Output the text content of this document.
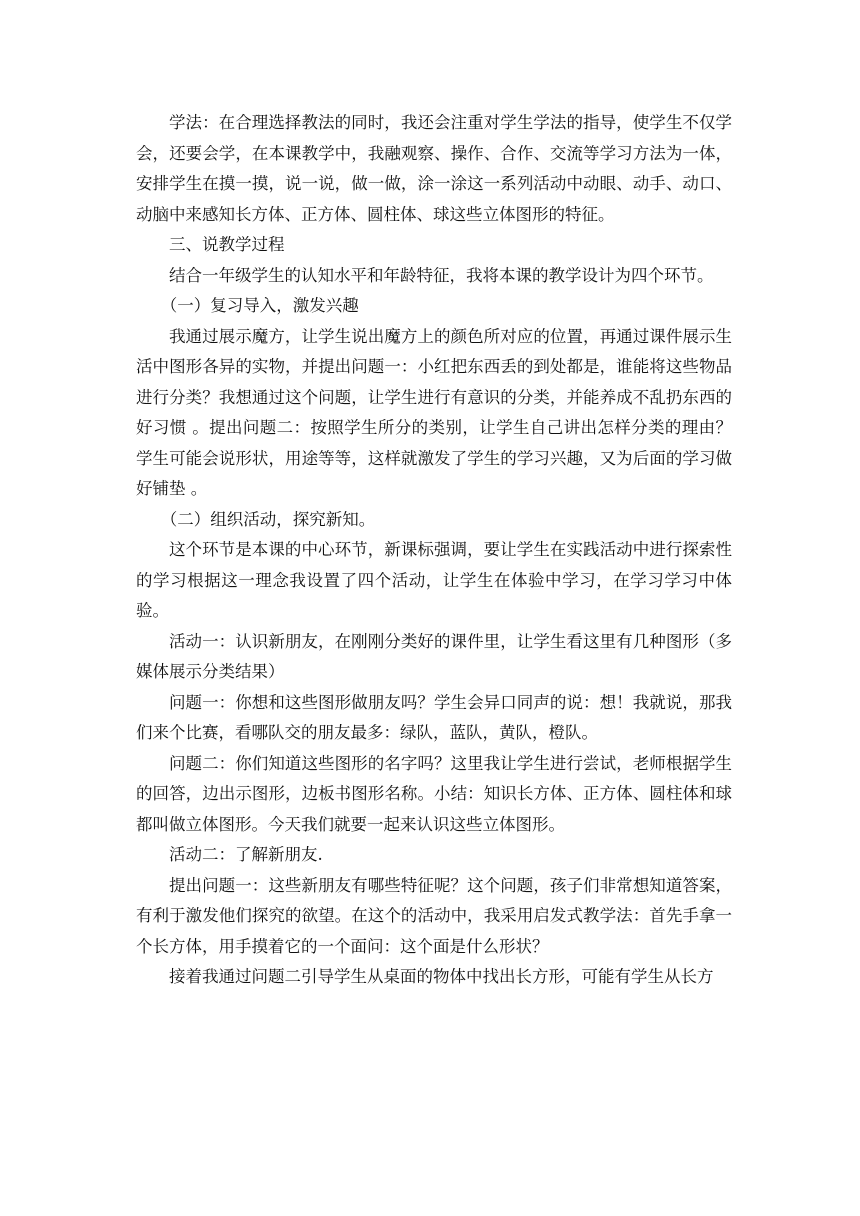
学法：在合理选择教法的同时，我还会注重对学生学法的指导，使学生不仅学会，还要会学，在本课教学中，我融观察、操作、合作、交流等学习方法为一体，安排学生在摸一摸，说一说，做一做，涂一涂这一系列活动中动眼、动手、动口、动脑中来感知长方体、正方体、圆柱体、球这些立体图形的特征。

三、说教学过程

结合一年级学生的认知水平和年龄特征，我将本课的教学设计为四个环节。

（一）复习导入，激发兴趣

我通过展示魔方，让学生说出魔方上的颜色所对应的位置，再通过课件展示生活中图形各异的实物，并提出问题一：小红把东西丢的到处都是，谁能将这些物品进行分类？我想通过这个问题，让学生进行有意识的分类，并能养成不乱扔东西的好习惯 。提出问题二：按照学生所分的类别，让学生自己讲出怎样分类的理由？学生可能会说形状，用途等等，这样就激发了学生的学习兴趣，又为后面的学习做好铺垫 。

（二）组织活动，探究新知。

这个环节是本课的中心环节，新课标强调，要让学生在实践活动中进行探索性的学习根据这一理念我设置了四个活动，让学生在体验中学习，在学习学习中体验。

活动一：认识新朋友，在刚刚分类好的课件里，让学生看这里有几种图形（多媒体展示分类结果）

问题一：你想和这些图形做朋友吗？学生会异口同声的说：想！我就说，那我们来个比赛，看哪队交的朋友最多：绿队，蓝队，黄队，橙队。

问题二：你们知道这些图形的名字吗？这里我让学生进行尝试，老师根据学生的回答，边出示图形，边板书图形名称。小结：知识长方体、正方体、圆柱体和球都叫做立体图形。今天我们就要一起来认识这些立体图形。

活动二：了解新朋友.

提出问题一：这些新朋友有哪些特征呢？这个问题，孩子们非常想知道答案，有利于激发他们探究的欲望。在这个的活动中，我采用启发式教学法：首先手拿一个长方体，用手摸着它的一个面问：这个面是什么形状？

接着我通过问题二引导学生从桌面的物体中找出长方形，可能有学生从长方
